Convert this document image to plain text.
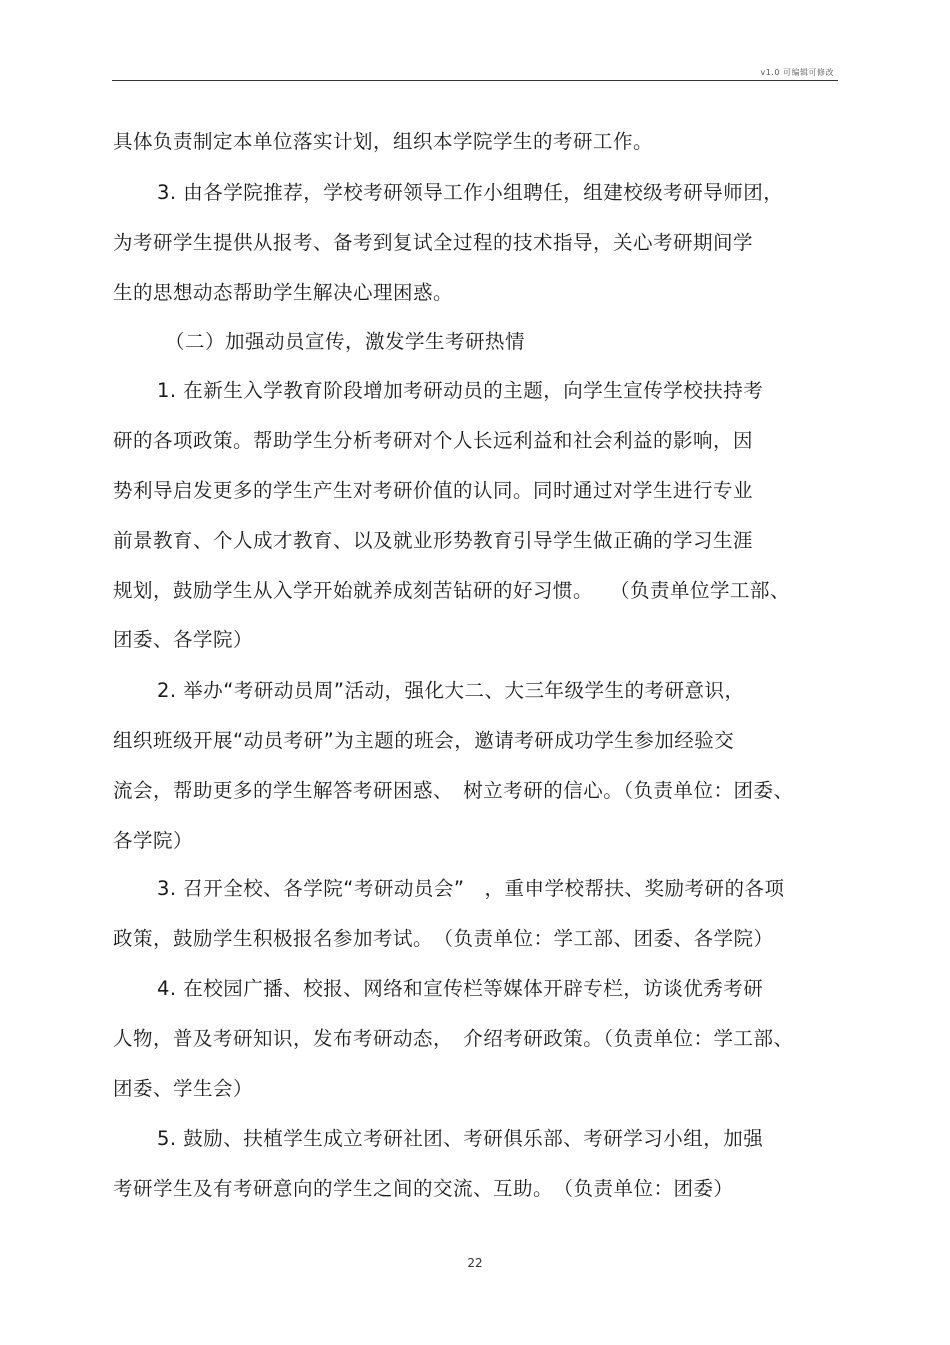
v1.0 可编辑可修改
具体负责制定本单位落实计划，组织本学院学生的考研工作。
3. 由各学院推荐，学校考研领导工作小组聘任，组建校级考研导师团，
为考研学生提供从报考、备考到复试全过程的技术指导，关心考研期间学
生的思想动态帮助学生解决心理困惑。
（二）加强动员宣传，激发学生考研热情
1. 在新生入学教育阶段增加考研动员的主题，向学生宣传学校扶持考
研的各项政策。帮助学生分析考研对个人长远利益和社会利益的影响，因
势利导启发更多的学生产生对考研价值的认同。同时通过对学生进行专业
前景教育、个人成才教育、以及就业形势教育引导学生做正确的学习生涯
规划，鼓励学生从入学开始就养成刻苦钻研的好习惯。　 （负责单位学工部、
团委、各学院）
2. 举办“考研动员周”活动，强化大二、大三年级学生的考研意识，
组织班级开展“动员考研”为主题的班会，邀请考研成功学生参加经验交
流会，帮助更多的学生解答考研困惑、　树立考研的信心。（负责单位：团委、
各学院）
3. 召开全校、各学院“考研动员会”　，重申学校帮扶、奖励考研的各项
政策，鼓励学生积极报名参加考试。　（负责单位：学工部、团委、各学院）
4. 在校园广播、校报、网络和宣传栏等媒体开辟专栏，访谈优秀考研
人物，普及考研知识，发布考研动态，　介绍考研政策。（负责单位：学工部、
团委、学生会）
5. 鼓励、扶植学生成立考研社团、考研俱乐部、考研学习小组，加强
考研学生及有考研意向的学生之间的交流、互助。　（负责单位：团委）
22
